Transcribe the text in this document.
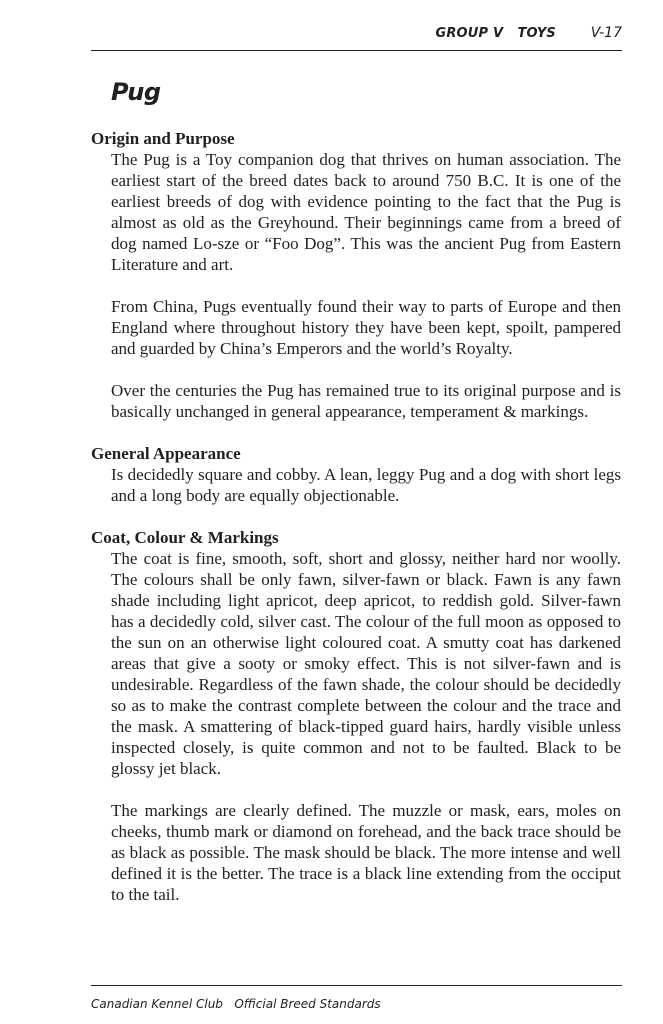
GROUP V   TOYS V-17
Pug
Origin and Purpose

The Pug is a Toy companion dog that thrives on human association. The earliest start of the breed dates back to around 750 B.C. It is one of the earliest breeds of dog with evidence pointing to the fact that the Pug is almost as old as the Greyhound. Their beginnings came from a breed of dog named Lo-sze or “Foo Dog”. This was the ancient Pug from Eastern Literature and art.

From China, Pugs eventually found their way to parts of Europe and then England where throughout history they have been kept, spoilt, pampered and guarded by China’s Emperors and the world’s Royalty.

Over the centuries the Pug has remained true to its original purpose and is basically unchanged in general appearance, temperament & markings.

General Appearance

Is decidedly square and cobby. A lean, leggy Pug and a dog with short legs and a long body are equally objectionable.

Coat, Colour & Markings

The coat is fine, smooth, soft, short and glossy, neither hard nor woolly. The colours shall be only fawn, silver-fawn or black. Fawn is any fawn shade including light apricot, deep apricot, to reddish gold. Silver-fawn has a decidedly cold, silver cast. The colour of the full moon as opposed to the sun on an otherwise light coloured coat. A smutty coat has darkened areas that give a sooty or smoky effect. This is not silver-fawn and is undesirable. Regardless of the fawn shade, the colour should be decidedly so as to make the contrast complete between the colour and the trace and the mask. A smattering of black-tipped guard hairs, hardly visible unless inspected closely, is quite common and not to be faulted. Black to be glossy jet black.

The markings are clearly defined. The muzzle or mask, ears, moles on cheeks, thumb mark or diamond on forehead, and the back trace should be as black as possible. The mask should be black. The more intense and well defined it is the better. The trace is a black line extending from the occiput to the tail.

Canadian Kennel Club   Official Breed Standards
